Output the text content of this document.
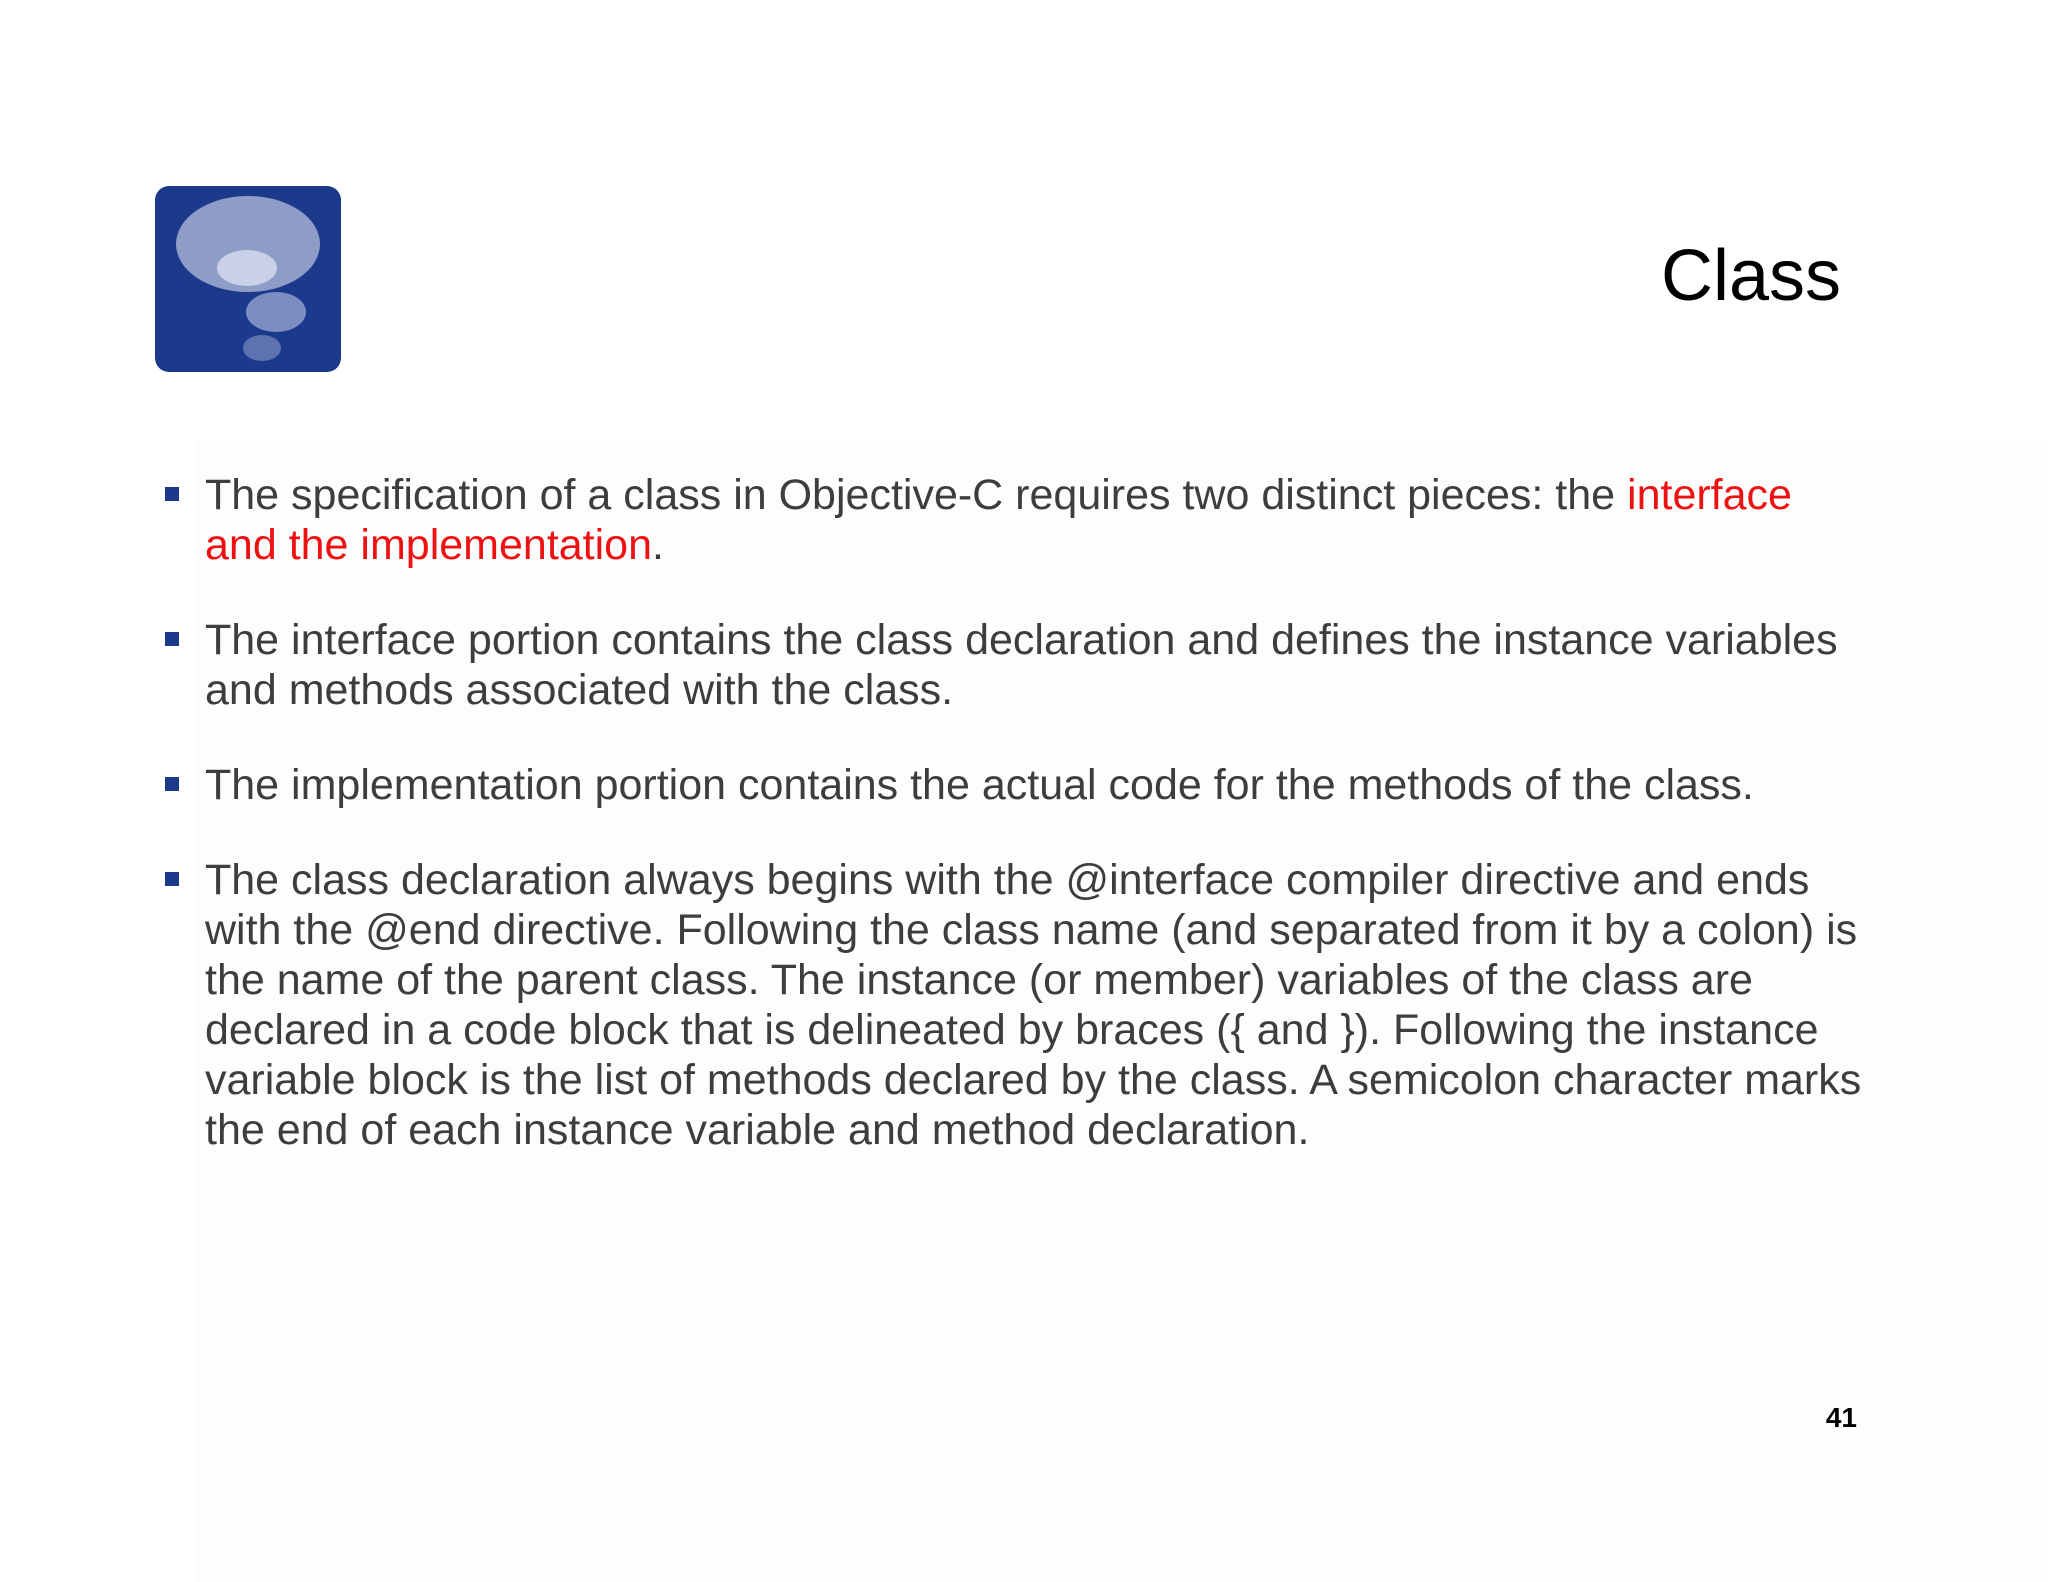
Class
The specification of a class in Objective-C requires two distinct pieces: the interface and the implementation.
The interface portion contains the class declaration and defines the instance variables and methods associated with the class.
The implementation portion contains the actual code for the methods of the class.
The class declaration always begins with the @interface compiler directive and ends with the @end directive. Following the class name (and separated from it by a colon) is the name of the parent class. The instance (or member) variables of the class are declared in a code block that is delineated by braces ({ and }). Following the instance variable block is the list of methods declared by the class. A semicolon character marks the end of each instance variable and method declaration.
41
